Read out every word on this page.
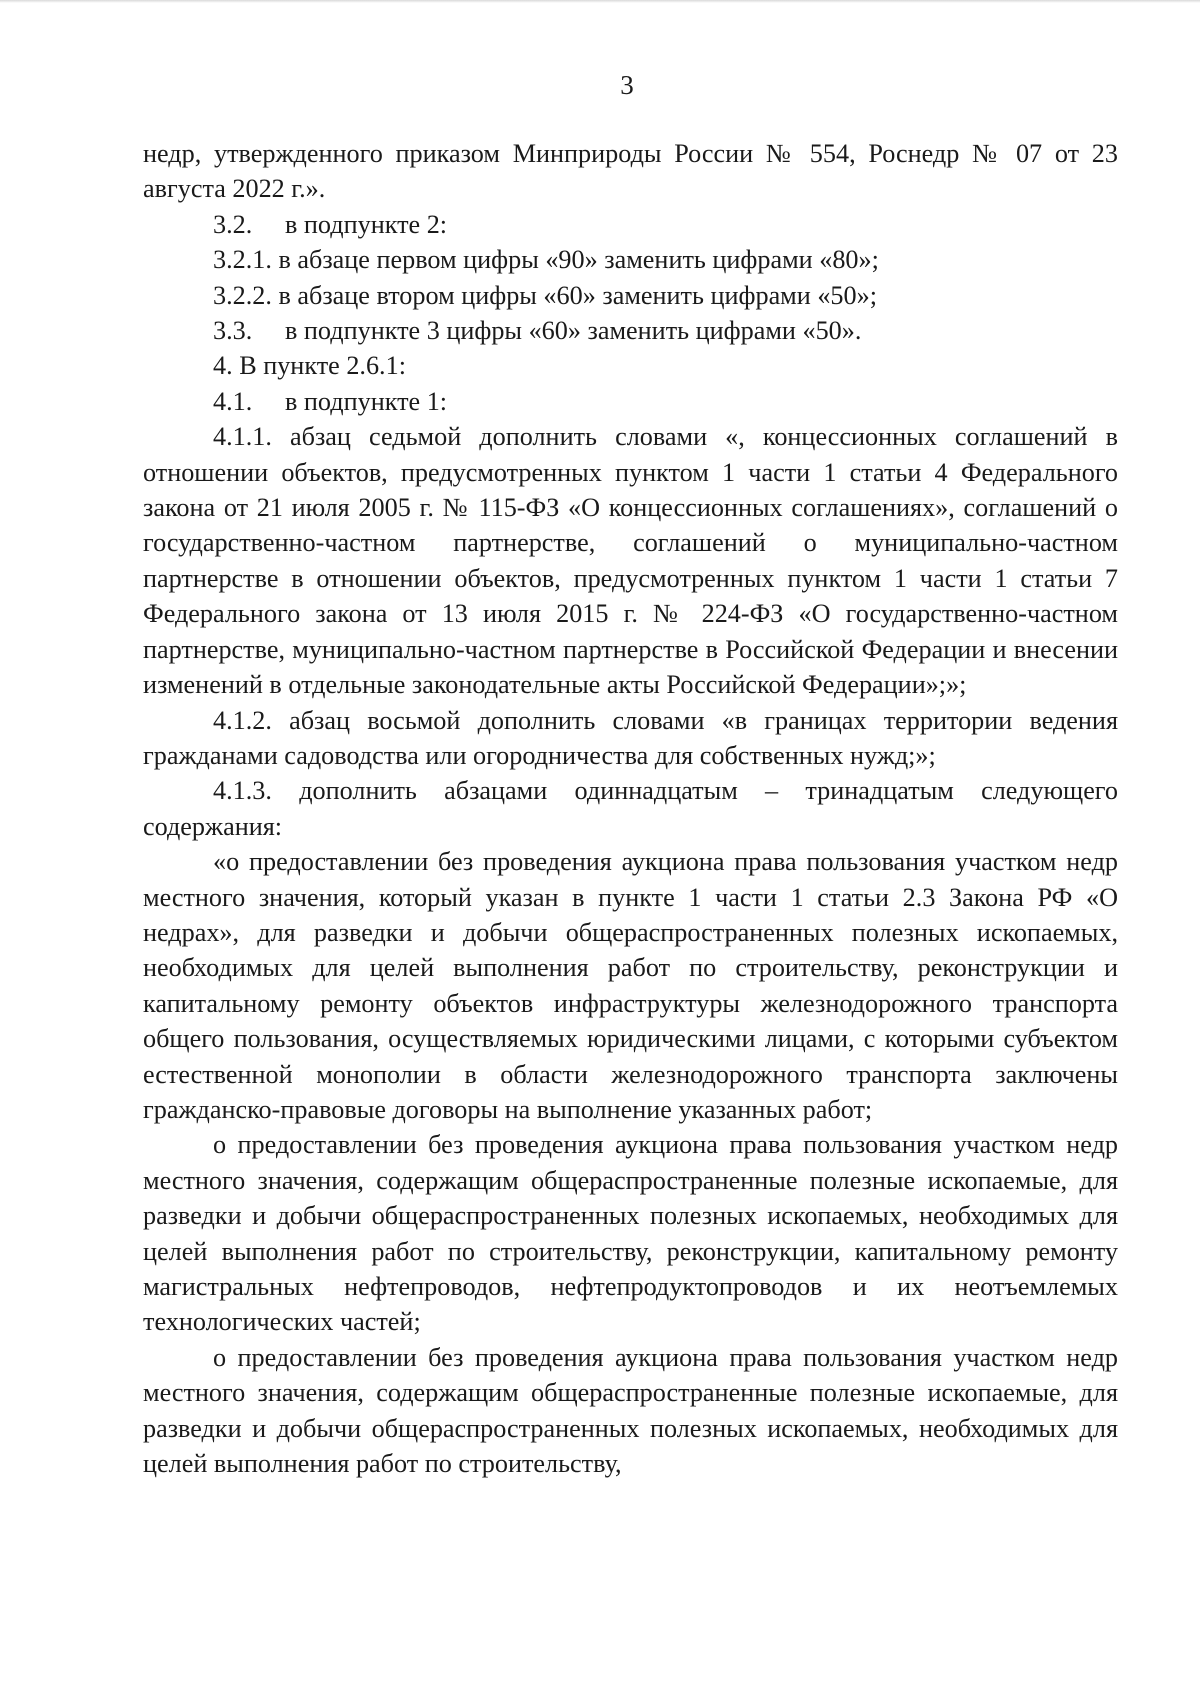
3

недр, утвержденного приказом Минприроды России № 554, Роснедр № 07 от 23 августа 2022 г.».

3.2. в подпункте 2:

3.2.1. в абзаце первом цифры «90» заменить цифрами «80»;

3.2.2. в абзаце втором цифры «60» заменить цифрами «50»;

3.3. в подпункте 3 цифры «60» заменить цифрами «50».

4. В пункте 2.6.1:

4.1. в подпункте 1:

4.1.1. абзац седьмой дополнить словами «, концессионных соглашений в отношении объектов, предусмотренных пунктом 1 части 1 статьи 4 Федерального закона от 21 июля 2005 г. № 115-ФЗ «О концессионных соглашениях», соглашений о государственно-частном партнерстве, соглашений о муниципально-частном партнерстве в отношении объектов, предусмотренных пунктом 1 части 1 статьи 7 Федерального закона от 13 июля 2015 г. № 224-ФЗ «О государственно-частном партнерстве, муниципально-частном партнерстве в Российской Федерации и внесении изменений в отдельные законодательные акты Российской Федерации»;»;

4.1.2. абзац восьмой дополнить словами «в границах территории ведения гражданами садоводства или огородничества для собственных нужд;»;

4.1.3. дополнить абзацами одиннадцатым – тринадцатым следующего содержания:

«о предоставлении без проведения аукциона права пользования участком недр местного значения, который указан в пункте 1 части 1 статьи 2.3 Закона РФ «О недрах», для разведки и добычи общераспространенных полезных ископаемых, необходимых для целей выполнения работ по строительству, реконструкции и капитальному ремонту объектов инфраструктуры железнодорожного транспорта общего пользования, осуществляемых юридическими лицами, с которыми субъектом естественной монополии в области железнодорожного транспорта заключены гражданско-правовые договоры на выполнение указанных работ;

о предоставлении без проведения аукциона права пользования участком недр местного значения, содержащим общераспространенные полезные ископаемые, для разведки и добычи общераспространенных полезных ископаемых, необходимых для целей выполнения работ по строительству, реконструкции, капитальному ремонту магистральных нефтепроводов, нефтепродуктопроводов и их неотъемлемых технологических частей;

о предоставлении без проведения аукциона права пользования участком недр местного значения, содержащим общераспространенные полезные ископаемые, для разведки и добычи общераспространенных полезных ископаемых, необходимых для целей выполнения работ по строительству,
